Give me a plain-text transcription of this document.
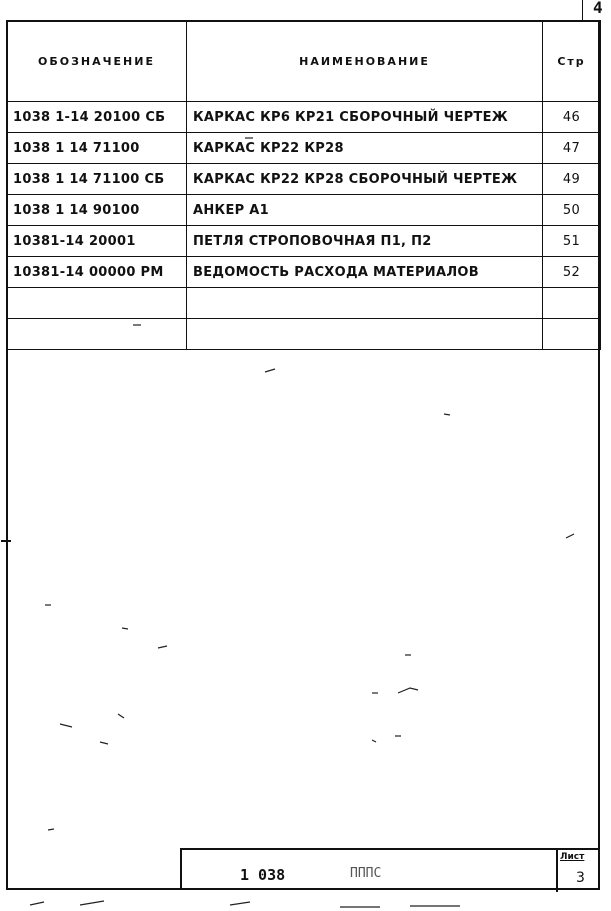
4
ОБОЗНАЧЕНИЕ	НАИМЕНОВАНИЕ	Стр
1038 1-14 20100 СБ	КАРКАС КР6 КР21 СБОРОЧНЫЙ ЧЕРТЕЖ	46
1038 1 14 71100	КАРКАС КР22 КР28	47
1038 1 14 71100 СБ	КАРКАС КР22 КР28 СБОРОЧНЫЙ ЧЕРТЕЖ	49
1038 1 14 90100	АНКЕР А1	50
10381-14 20001	ПЕТЛЯ СТРОПОВОЧНАЯ П1, П2	51
10381-14 00000 РМ	ВЕДОМОСТЬ РАСХОДА МАТЕРИАЛОВ	52

1 038	ПППС
Лист
3
